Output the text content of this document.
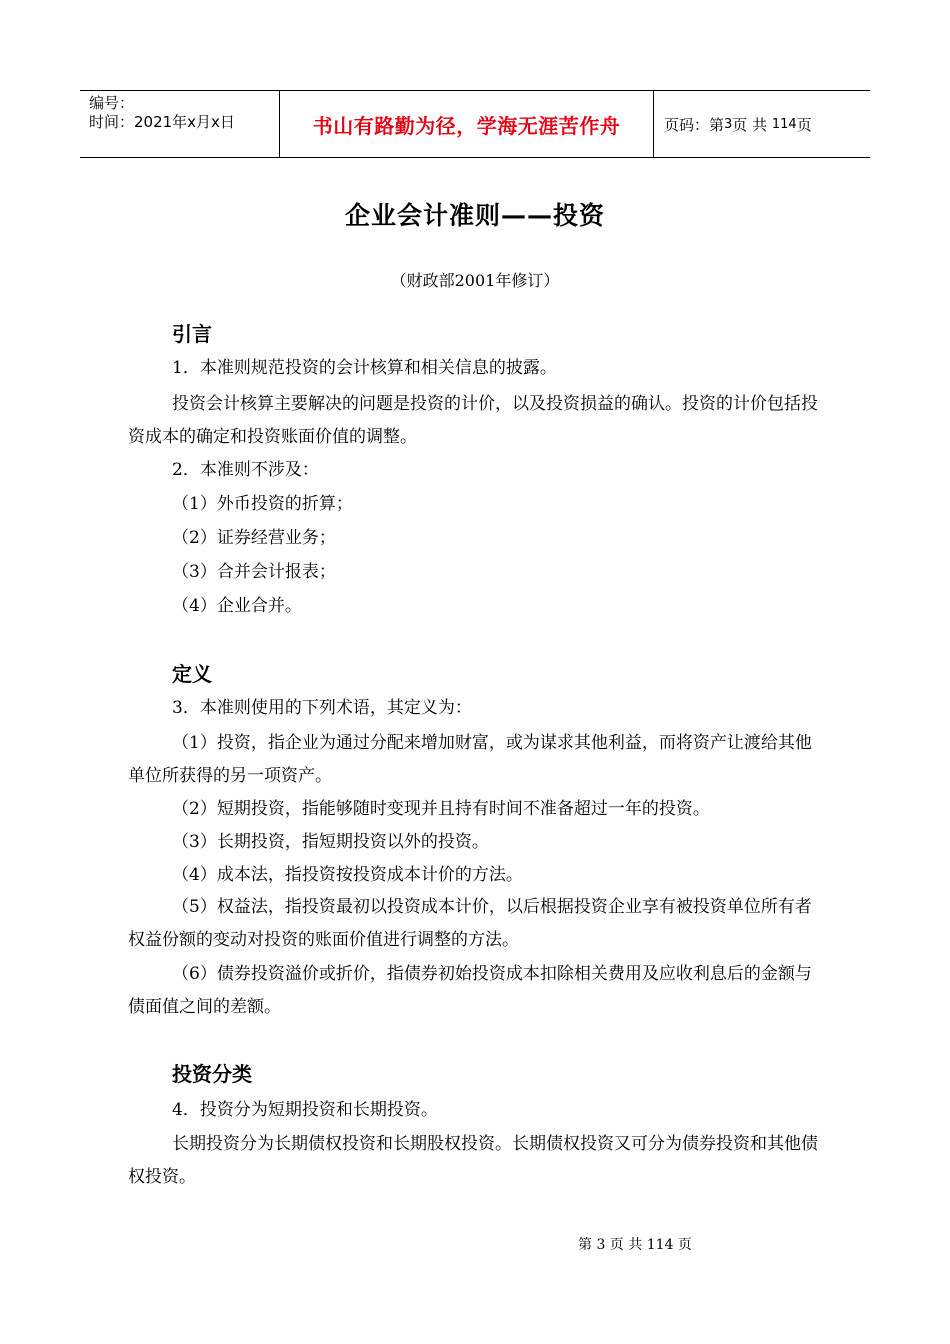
编号：
时间：2021年x月x日	书山有路勤为径，学海无涯苦作舟	页码：第 3 页 共
114 页
企业会计准则——投资
（财政部2001年修订）
引言

1．本准则规范投资的会计核算和相关信息的披露。

投资会计核算主要解决的问题是投资的计价，以及投资损益的确认。投资的计价包括投资成本的确定和投资账面价值的调整。

2．本准则不涉及：

（1）外币投资的折算；

（2）证券经营业务；

（3）合并会计报表；

（4）企业合并。

定义

3．本准则使用的下列术语，其定义为：

（1）投资，指企业为通过分配来增加财富，或为谋求其他利益，而将资产让渡给其他单位所获得的另一项资产。

（2）短期投资，指能够随时变现并且持有时间不准备超过一年的投资。

（3）长期投资，指短期投资以外的投资。

（4）成本法，指投资按投资成本计价的方法。

（5）权益法，指投资最初以投资成本计价，以后根据投资企业享有被投资单位所有者权益份额的变动对投资的账面价值进行调整的方法。

（6）债券投资溢价或折价，指债券初始投资成本扣除相关费用及应收利息后的金额与债面值之间的差额。

投资分类

4．投资分为短期投资和长期投资。

长期投资分为长期债权投资和长期股权投资。长期债权投资又可分为债券投资和其他债权投资。

第 3 页 共 114 页
